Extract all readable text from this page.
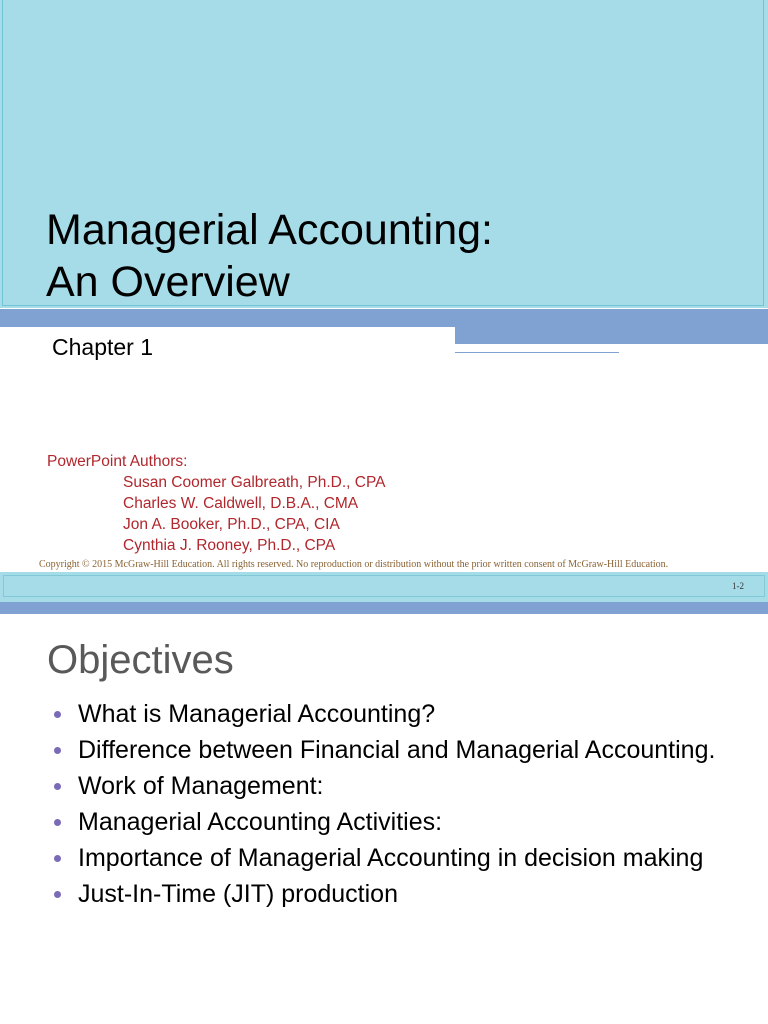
Managerial Accounting:
An Overview
Chapter 1
PowerPoint Authors:
Susan Coomer Galbreath, Ph.D., CPA
Charles W. Caldwell, D.B.A., CMA
Jon A. Booker, Ph.D., CPA, CIA
Cynthia J. Rooney, Ph.D., CPA

Copyright © 2015 McGraw-Hill Education. All rights reserved. No reproduction or distribution without the prior written consent of McGraw-Hill Education.

1-2
Objectives
What is Managerial Accounting?
Difference between Financial and Managerial Accounting.
Work of Management:
Managerial Accounting Activities:
Importance of Managerial Accounting in decision making
Just-In-Time (JIT) production
